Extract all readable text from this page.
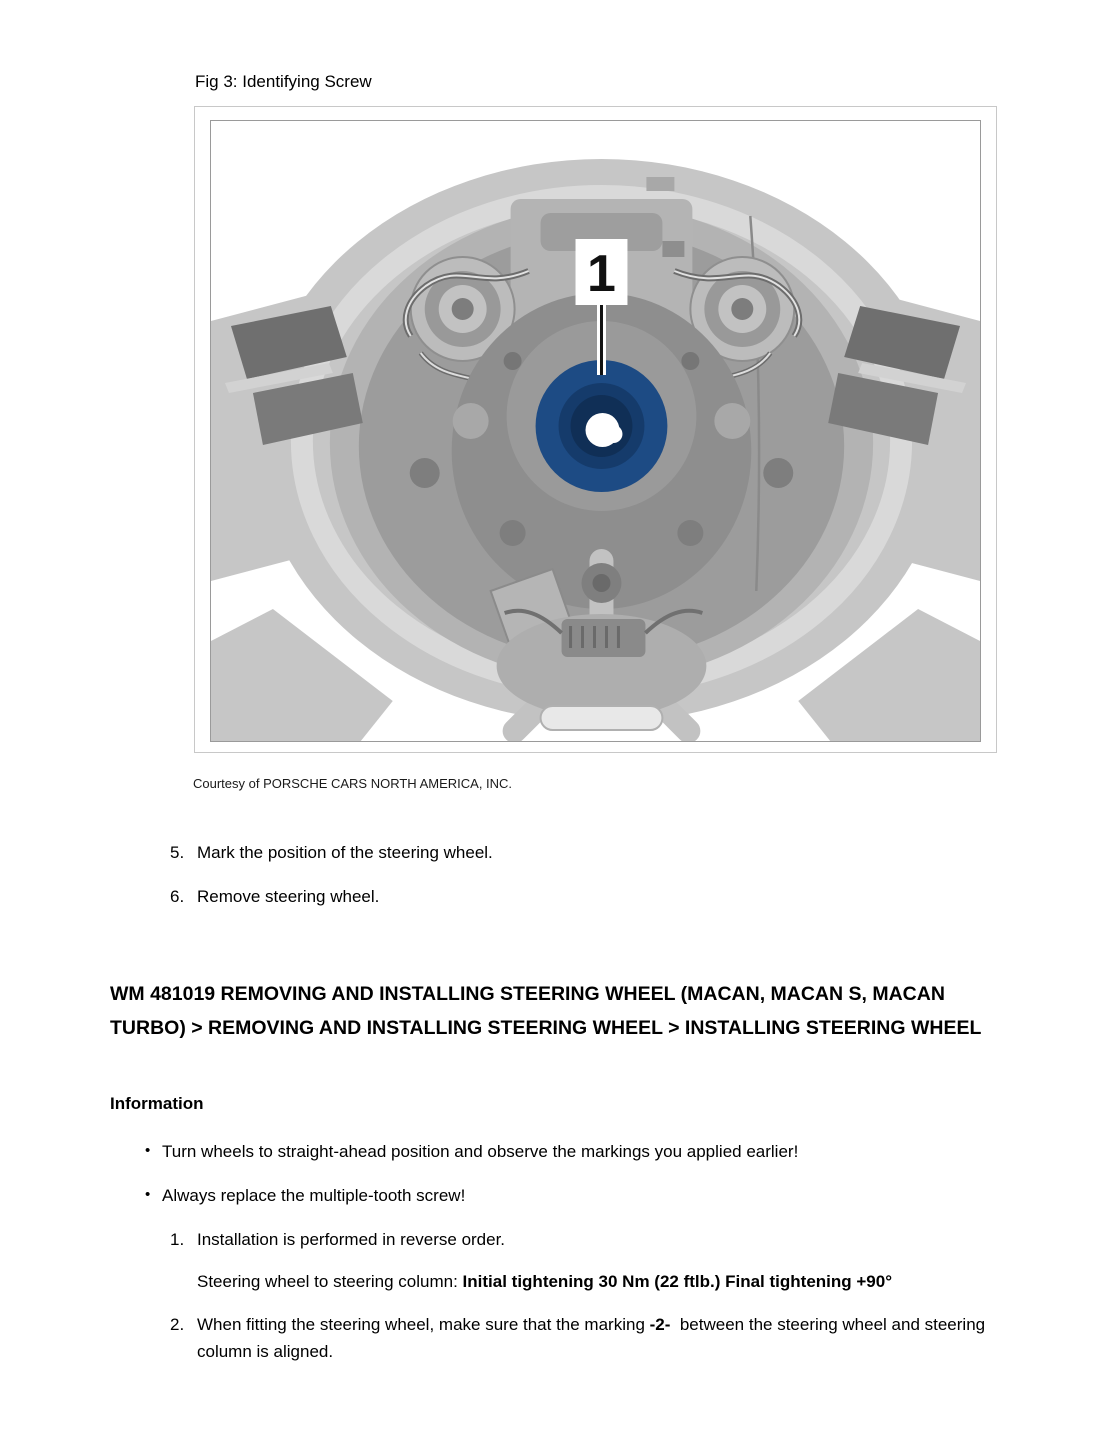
Fig 3: Identifying Screw
1
Courtesy of PORSCHE CARS NORTH AMERICA, INC.
5. Mark the position of the steering wheel.
6. Remove steering wheel.
WM 481019 REMOVING AND INSTALLING STEERING WHEEL (MACAN, MACAN S, MACAN TURBO) > REMOVING AND INSTALLING STEERING WHEEL > INSTALLING STEERING WHEEL
Information
• Turn wheels to straight-ahead position and observe the markings you applied earlier!
• Always replace the multiple-tooth screw!
1. Installation is performed in reverse order.
Steering wheel to steering column: Initial tightening 30 Nm (22 ftlb.) Final tightening +90°
2. When fitting the steering wheel, make sure that the marking -2-  between the steering wheel and steering column is aligned.
